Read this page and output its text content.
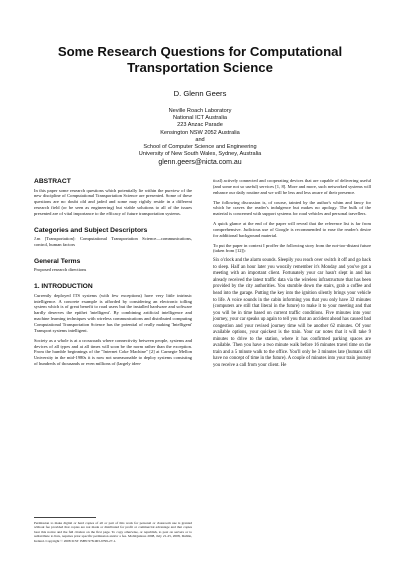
Some Research Questions for Computational Transportation Science
D. Glenn Geers
Neville Roach Laboratory
National ICT Australia
223 Anzac Parade
Kensington NSW 2052 Australia
and
School of Computer Science and Engineering
University of New South Wales, Sydney, Australia
glenn.geers@nicta.com.au
ABSTRACT

In this paper some research questions which potentially lie within the purview of the new discipline of Computational Transportation Science are presented. Some of these questions are no doubt old and jaded and some may rightly reside in a different research field (or be seen as engineering) but viable solutions to all of the issues presented are of vital importance to the efficacy of future transportation systems.

Categories and Subject Descriptors

J.m [Transportation]: Computational Transportation Science—communications, control, human factors

General Terms

Proposed research directions

1. INTRODUCTION

Currently deployed ITS systems (with few exceptions) have very little intrinsic intelligence. A concrete example is afforded by considering an electronic tolling system which is of great benefit to road users but the installed hardware and software hardly deserves the epithet 'intelligent'. By combining artificial intelligence and machine learning techniques with wireless communications and distributed computing Computational Transportation Science has the potential of really making 'Intelligent' Transport systems intelligent.

Society as a whole is at a crossroads where connectivity between people, systems and devices of all types and at all times will soon be the norm rather than the exception. From the humble beginnings of the "Internet Coke Machine" [2] at Carnegie Mellon University in the mid-1980s it is now not unreasonable to deploy systems consisting of hundreds of thousands or even millions of (largely iden-

Permission to make digital or hard copies of all or part of this work for personal or classroom use is granted without fee provided that copies are not made or distributed for profit or commercial advantage and that copies bear this notice and the full citation on the first page. To copy otherwise, or republish, to post on servers or to redistribute to lists, requires prior specific permission and/or a fee. MobiQuitous 2008, July 21-25, 2008, Dublin, Ireland. Copyright © 2008 ICST ISBN 978-963-9799-27-1.

tical) actively connected and cooperating devices that are capable of delivering useful (and some not so useful) services [1, 8]. More and more, such networked systems will enhance our daily routine and we will be less and less aware of their presence.

The following discussion is, of course, tainted by the author's whim and fancy for which he craves the reader's indulgence but makes no apology. The bulk of the material is concerned with support systems for road vehicles and personal travellers.

A quick glance at the end of the paper will reveal that the reference list is far from comprehensive. Judicious use of Google is recommended to ease the reader's desire for additional background material.

To put the paper in context I proffer the following story from the not-too-distant future (taken from [12]):

Six o'clock and the alarm sounds. Sleepily you reach over switch it off and go back to sleep. Half an hour later you woozily remember it's Monday and you've got a meeting with an important client. Fortunately your car hasn't slept in and has already received the latest traffic data via the wireless infrastructure that has been provided by the city authorities. You stumble down the stairs, grab a coffee and head into the garage. Putting the key into the ignition silently brings your vehicle to life. A voice sounds in the cabin informing you that you only have 32 minutes (computers are still that literal in the future) to make it to your meeting and that you will be in time based on current traffic conditions. Five minutes into your journey, your car speaks up again to tell you that an accident ahead has caused bad congestion and your revised journey time will be another 62 minutes. Of your available options, your quickest is the train. Your car notes that it will take 9 minutes to drive to the station, where it has confirmed parking spaces are available. Then you have a two minute walk before 16 minutes travel time on the train and a 5 minute walk to the office. You'll only be 3 minutes late (humans still have no concept of time in the future). A couple of minutes into your train journey you receive a call from your client. He
